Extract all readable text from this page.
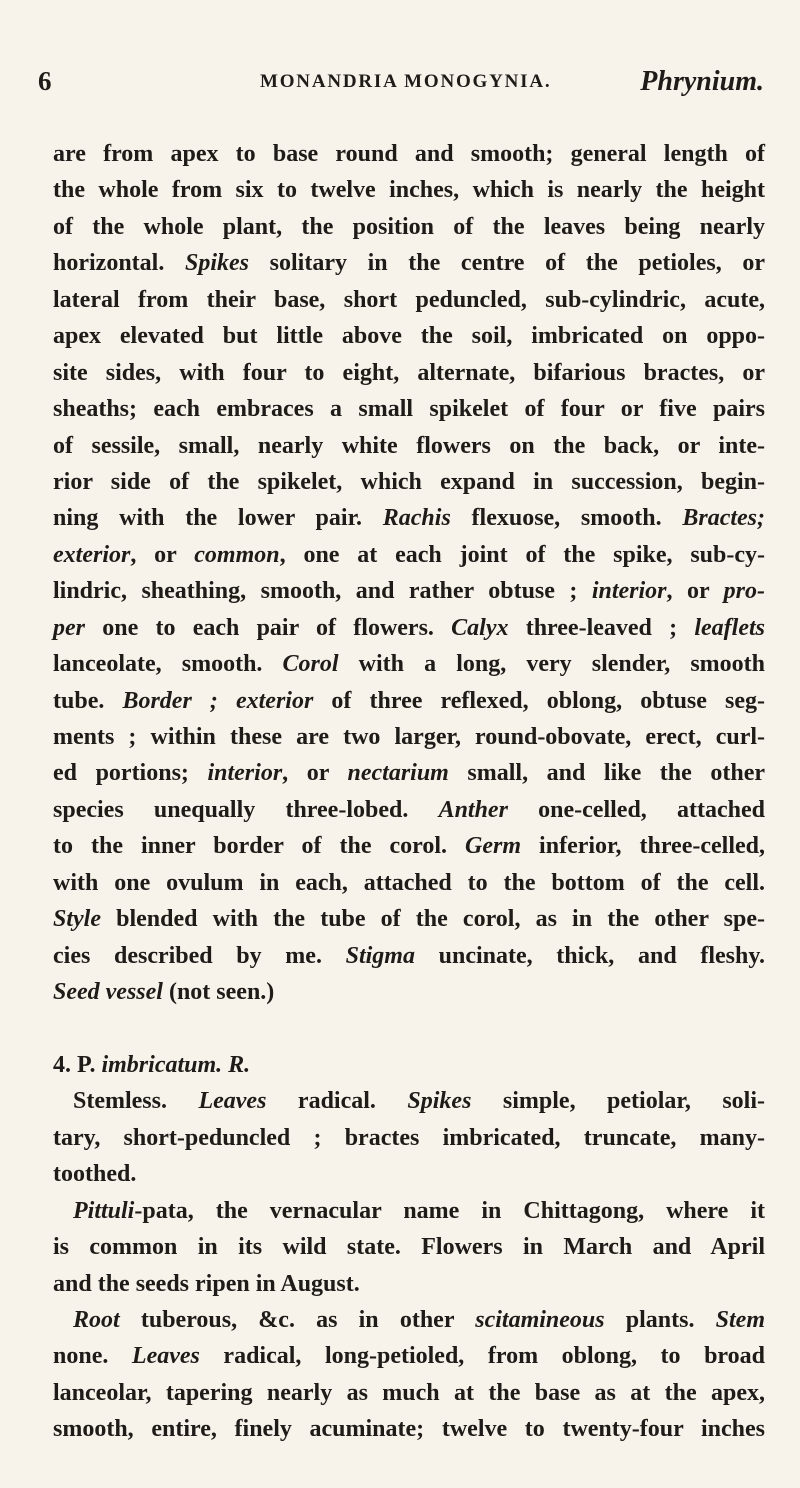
6	MONANDRIA MONOGYNIA.	Phrynium.
are from apex to base round and smooth; general length of
the whole from six to twelve inches, which is nearly the height
of the whole plant, the position of the leaves being nearly
horizontal. Spikes solitary in the centre of the petioles, or
lateral from their base, short peduncled, sub-cylindric, acute,
apex elevated but little above the soil, imbricated on oppo-
site sides, with four to eight, alternate, bifarious bractes, or
sheaths; each embraces a small spikelet of four or five pairs
of sessile, small, nearly white flowers on the back, or inte-
rior side of the spikelet, which expand in succession, begin-
ning with the lower pair. Rachis flexuose, smooth. Bractes;
exterior, or common, one at each joint of the spike, sub-cy-
lindric, sheathing, smooth, and rather obtuse ; interior, or pro-
per one to each pair of flowers. Calyx three-leaved ; leaflets
lanceolate, smooth. Corol with a long, very slender, smooth
tube. Border ; exterior of three reflexed, oblong, obtuse seg-
ments ; within these are two larger, round-obovate, erect, curl-
ed portions; interior, or nectarium small, and like the other
species unequally three-lobed. Anther one-celled, attached
to the inner border of the corol. Germ inferior, three-celled,
with one ovulum in each, attached to the bottom of the cell.
Style blended with the tube of the corol, as in the other spe-
cies described by me. Stigma uncinate, thick, and fleshy.
Seed vessel (not seen.)
4. P. imbricatum. R.
Stemless. Leaves radical. Spikes simple, petiolar, soli-
tary, short-peduncled ; bractes imbricated, truncate, many-
toothed.
Pittuli-pata, the vernacular name in Chittagong, where it
is common in its wild state. Flowers in March and April
and the seeds ripen in August.
Root tuberous, &c. as in other scitamineous plants. Stem
none. Leaves radical, long-petioled, from oblong, to broad
lanceolar, tapering nearly as much at the base as at the apex,
smooth, entire, finely acuminate; twelve to twenty-four inches
